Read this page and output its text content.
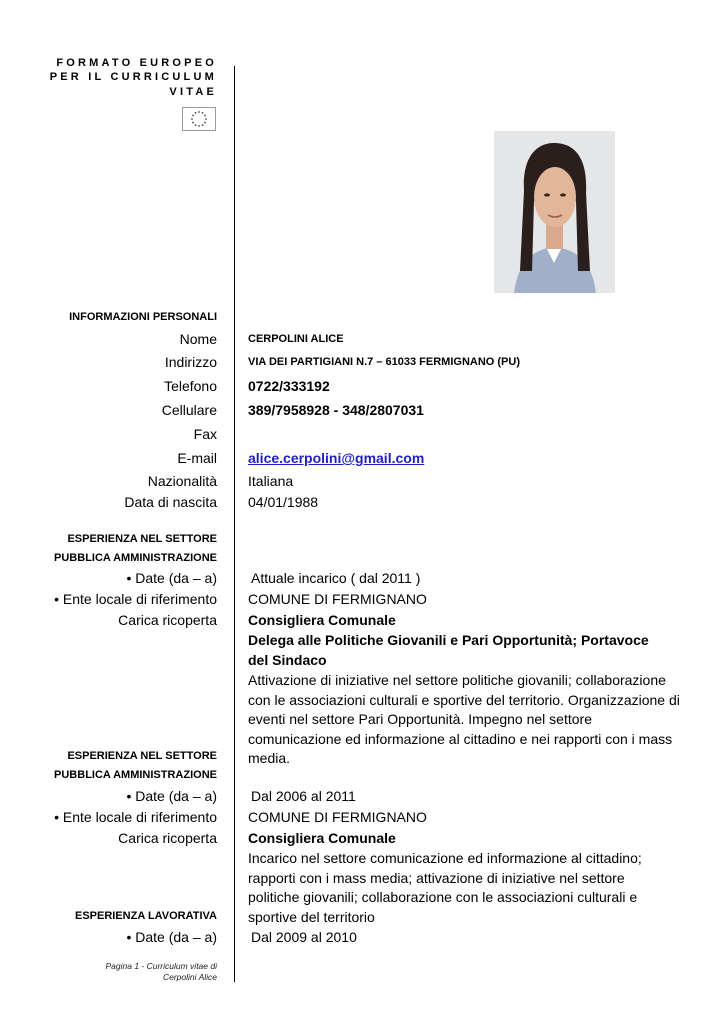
FORMATO EUROPEO
PER IL CURRICULUM
VITAE
INFORMAZIONI PERSONALI
Nome	CERPOLINI ALICE
Indirizzo	VIA DEI PARTIGIANI N.7 – 61033 FERMIGNANO (PU)
Telefono 0722/333192
Cellulare 389/7958928 - 348/2807031
Fax
E-mail alice.cerpolini@gmail.com
Nazionalità Italiana
Data di nascita 04/01/1988
ESPERIENZA NEL SETTORE
PUBBLICA AMMINISTRAZIONE
• Date (da – a) Attuale incarico ( dal 2011 )
• Ente locale di riferimento COMUNE DI FERMIGNANO
Carica ricoperta Consigliera Comunale
Delega alle Politiche Giovanili e Pari Opportunità; Portavoce del Sindaco
Attivazione di iniziative nel settore politiche giovanili; collaborazione con le associazioni culturali e sportive del territorio. Organizzazione di eventi nel settore Pari Opportunità. Impegno nel settore comunicazione ed informazione al cittadino e nei rapporti con i mass media.
ESPERIENZA NEL SETTORE
PUBBLICA AMMINISTRAZIONE
• Date (da – a) Dal 2006 al 2011
• Ente locale di riferimento COMUNE DI FERMIGNANO
Carica ricoperta Consigliera Comunale
Incarico nel settore comunicazione ed informazione al cittadino; rapporti con i mass media; attivazione di iniziative nel settore politiche giovanili; collaborazione con le associazioni culturali e sportive del territorio
ESPERIENZA LAVORATIVA
• Date (da – a) Dal 2009 al 2010
Pagina 1 - Curriculum vitae di
Cerpolini Alice
